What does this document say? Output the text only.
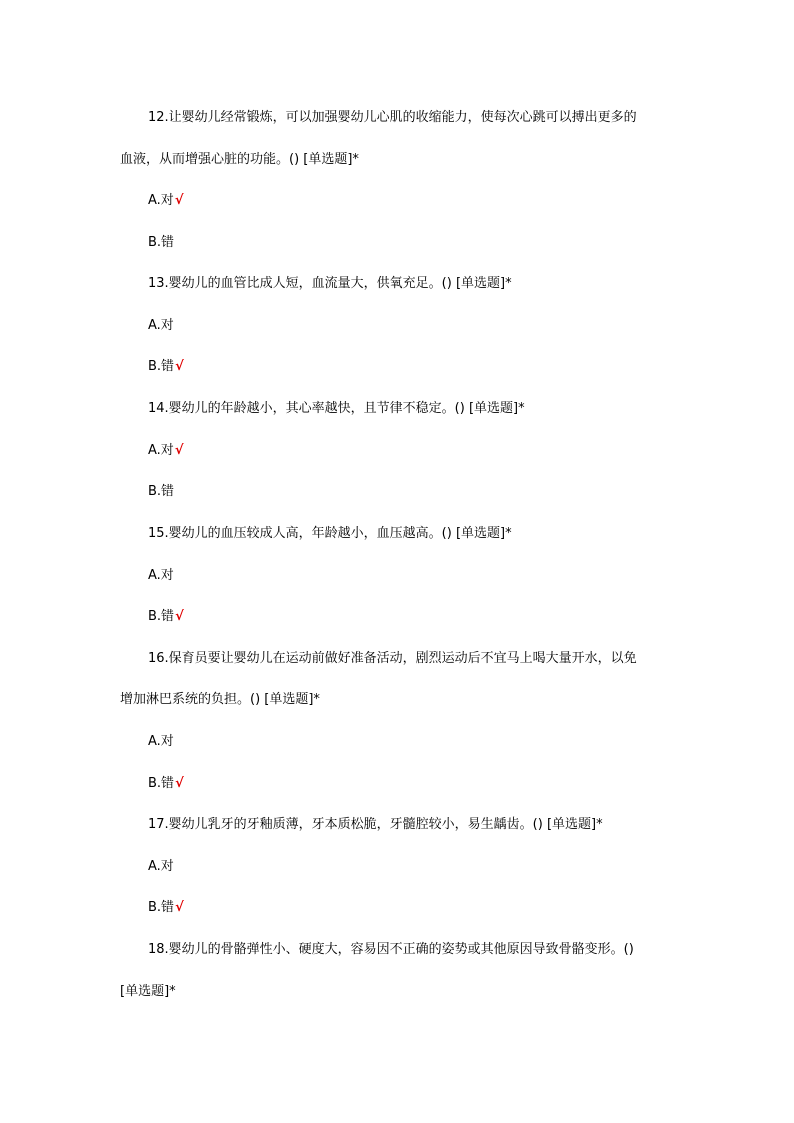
12.让婴幼儿经常锻炼，可以加强婴幼儿心肌的收缩能力，使每次心跳可以搏出更多的
血液，从而增强心脏的功能。() [单选题]*
A.对√
B.错
13.婴幼儿的血管比成人短，血流量大，供氧充足。() [单选题]*
A.对
B.错√
14.婴幼儿的年龄越小，其心率越快，且节律不稳定。() [单选题]*
A.对√
B.错
15.婴幼儿的血压较成人高，年龄越小，血压越高。() [单选题]*
A.对
B.错√
16.保育员要让婴幼儿在运动前做好准备活动，剧烈运动后不宜马上喝大量开水，以免
增加淋巴系统的负担。() [单选题]*
A.对
B.错√
17.婴幼儿乳牙的牙釉质薄，牙本质松脆，牙髓腔较小，易生龋齿。() [单选题]*
A.对
B.错√
18.婴幼儿的骨骼弹性小、硬度大，容易因不正确的姿势或其他原因导致骨骼变形。()
[单选题]*
